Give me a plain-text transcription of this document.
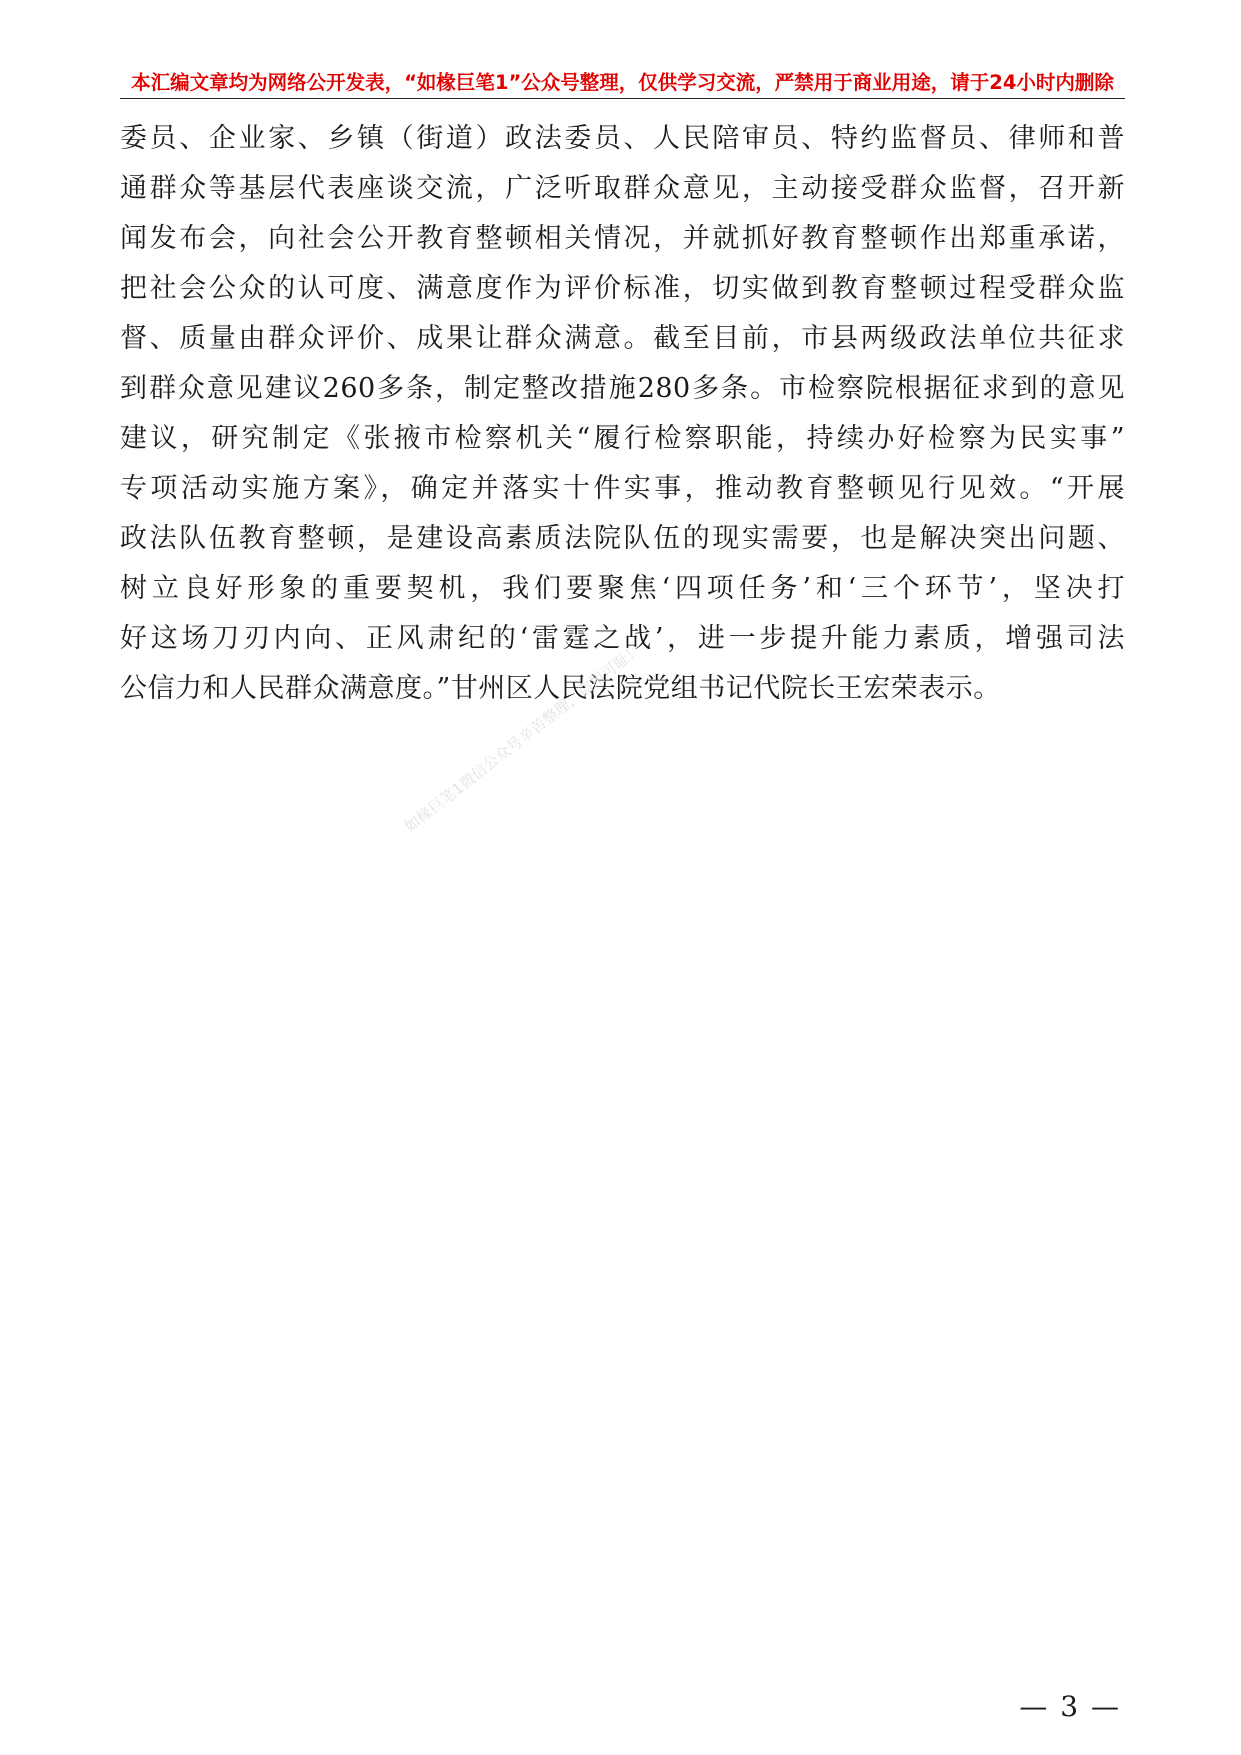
本汇编文章均为网络公开发表，“如椽巨笔1”公众号整理，仅供学习交流，严禁用于商业用途，请于24小时内删除
委员、企业家、乡镇（街道）政法委员、人民陪审员、特约监督员、律师和普
通群众等基层代表座谈交流，广泛听取群众意见，主动接受群众监督，召开新
闻发布会，向社会公开教育整顿相关情况，并就抓好教育整顿作出郑重承诺，
把社会公众的认可度、满意度作为评价标准，切实做到教育整顿过程受群众监
督、质量由群众评价、成果让群众满意。截至目前，市县两级政法单位共征求
到群众意见建议260多条，制定整改措施280多条。市检察院根据征求到的意见
建议，研究制定《张掖市检察机关“履行检察职能，持续办好检察为民实事”
专项活动实施方案》，确定并落实十件实事，推动教育整顿见行见效。“开展
政法队伍教育整顿，是建设高素质法院队伍的现实需要，也是解决突出问题、
树立良好形象的重要契机，我们要聚焦‘四项任务’和‘三个环节’，坚决打
好这场刀刃内向、正风肃纪的‘雷霆之战’，进一步提升能力素质，增强司法
公信力和人民群众满意度。”甘州区人民法院党组书记代院长王宏荣表示。
如椽巨笔1微信公众号辛苦整理，盗用可耻！
— 3 —
